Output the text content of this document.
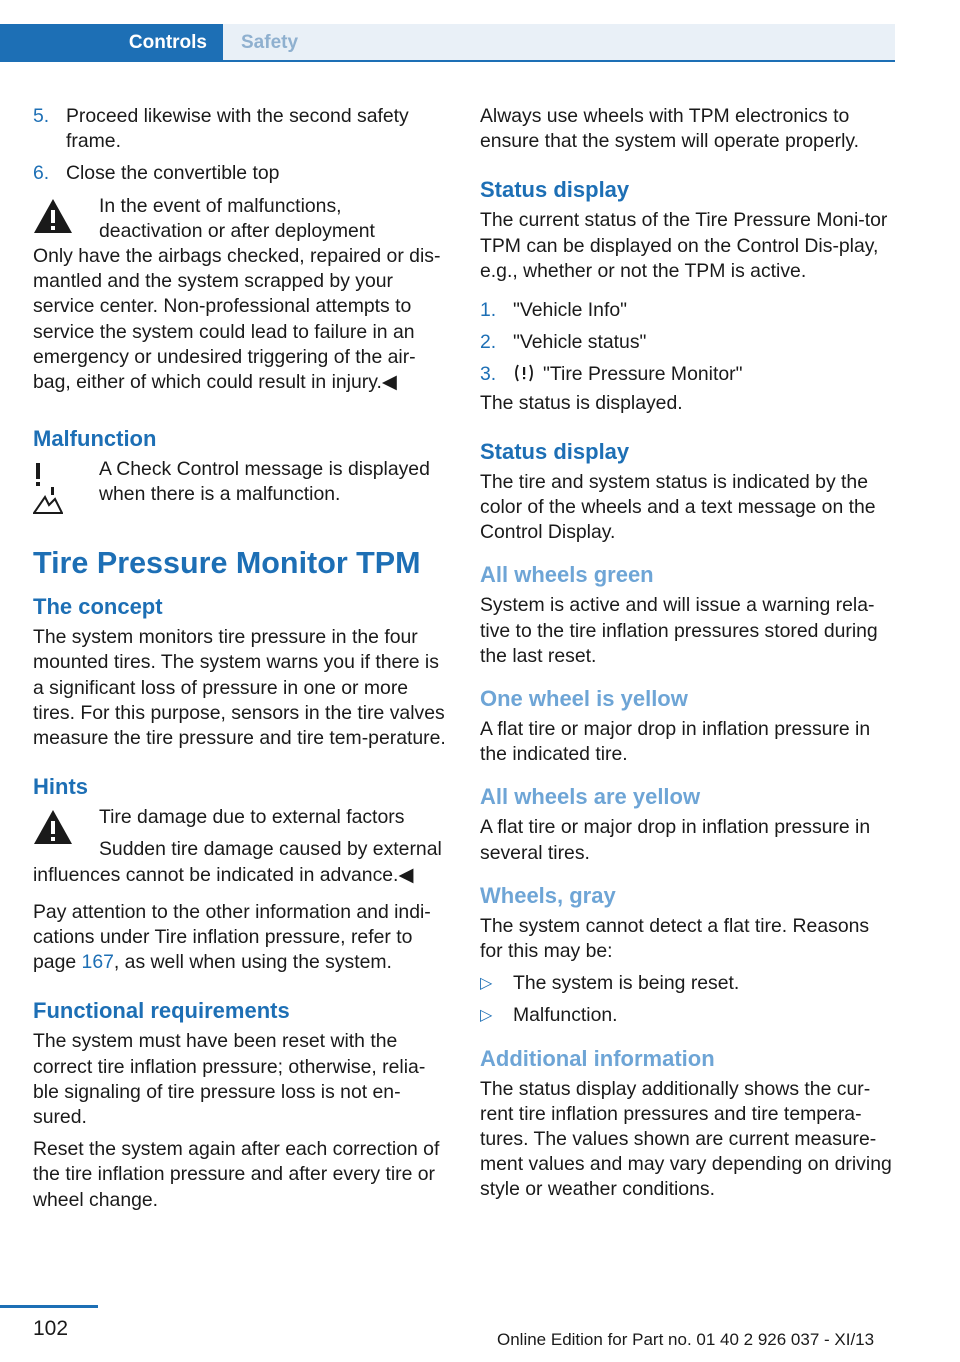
Controls	Safety
5. Proceed likewise with the second safety frame.
6. Close the convertible top

In the event of malfunctions, deactivation or after deployment

Only have the airbags checked, repaired or dis‐mantled and the system scrapped by your service center. Non-professional attempts to service the system could lead to failure in an emergency or undesired triggering of the air‐bag, either of which could result in injury.◀

Malfunction

A Check Control message is displayed when there is a malfunction.

Tire Pressure Monitor TPM
The concept

The system monitors tire pressure in the four mounted tires. The system warns you if there is a significant loss of pressure in one or more tires. For this purpose, sensors in the tire valves measure the tire pressure and tire tem‐perature.

Hints

Tire damage due to external factors

Sudden tire damage caused by external

influences cannot be indicated in advance.◀

Pay attention to the other information and indi‐cations under Tire inflation pressure, refer to page 167, as well when using the system.

Functional requirements

The system must have been reset with the correct tire inflation pressure; otherwise, relia‐ble signaling of tire pressure loss is not en‐sured.

Reset the system again after each correction of the tire inflation pressure and after every tire or wheel change.

Always use wheels with TPM electronics to ensure that the system will operate properly.

Status display

The current status of the Tire Pressure Moni‐tor TPM can be displayed on the Control Dis‐play, e.g., whether or not the TPM is active.

1. "Vehicle Info"
2. "Vehicle status"
3. "Tire Pressure Monitor"

The status is displayed.

Status display

The tire and system status is indicated by the color of the wheels and a text message on the Control Display.

All wheels green

System is active and will issue a warning rela‐tive to the tire inflation pressures stored during the last reset.

One wheel is yellow

A flat tire or major drop in inflation pressure in the indicated tire.

All wheels are yellow

A flat tire or major drop in inflation pressure in several tires.

Wheels, gray

The system cannot detect a flat tire. Reasons for this may be:

▷ The system is being reset.
▷ Malfunction.
Additional information

The status display additionally shows the cur‐rent tire inflation pressures and tire tempera‐tures. The values shown are current measure‐ment values and may vary depending on driving style or weather conditions.

102	Online Edition for Part no. 01 40 2 926 037 - XI/13
